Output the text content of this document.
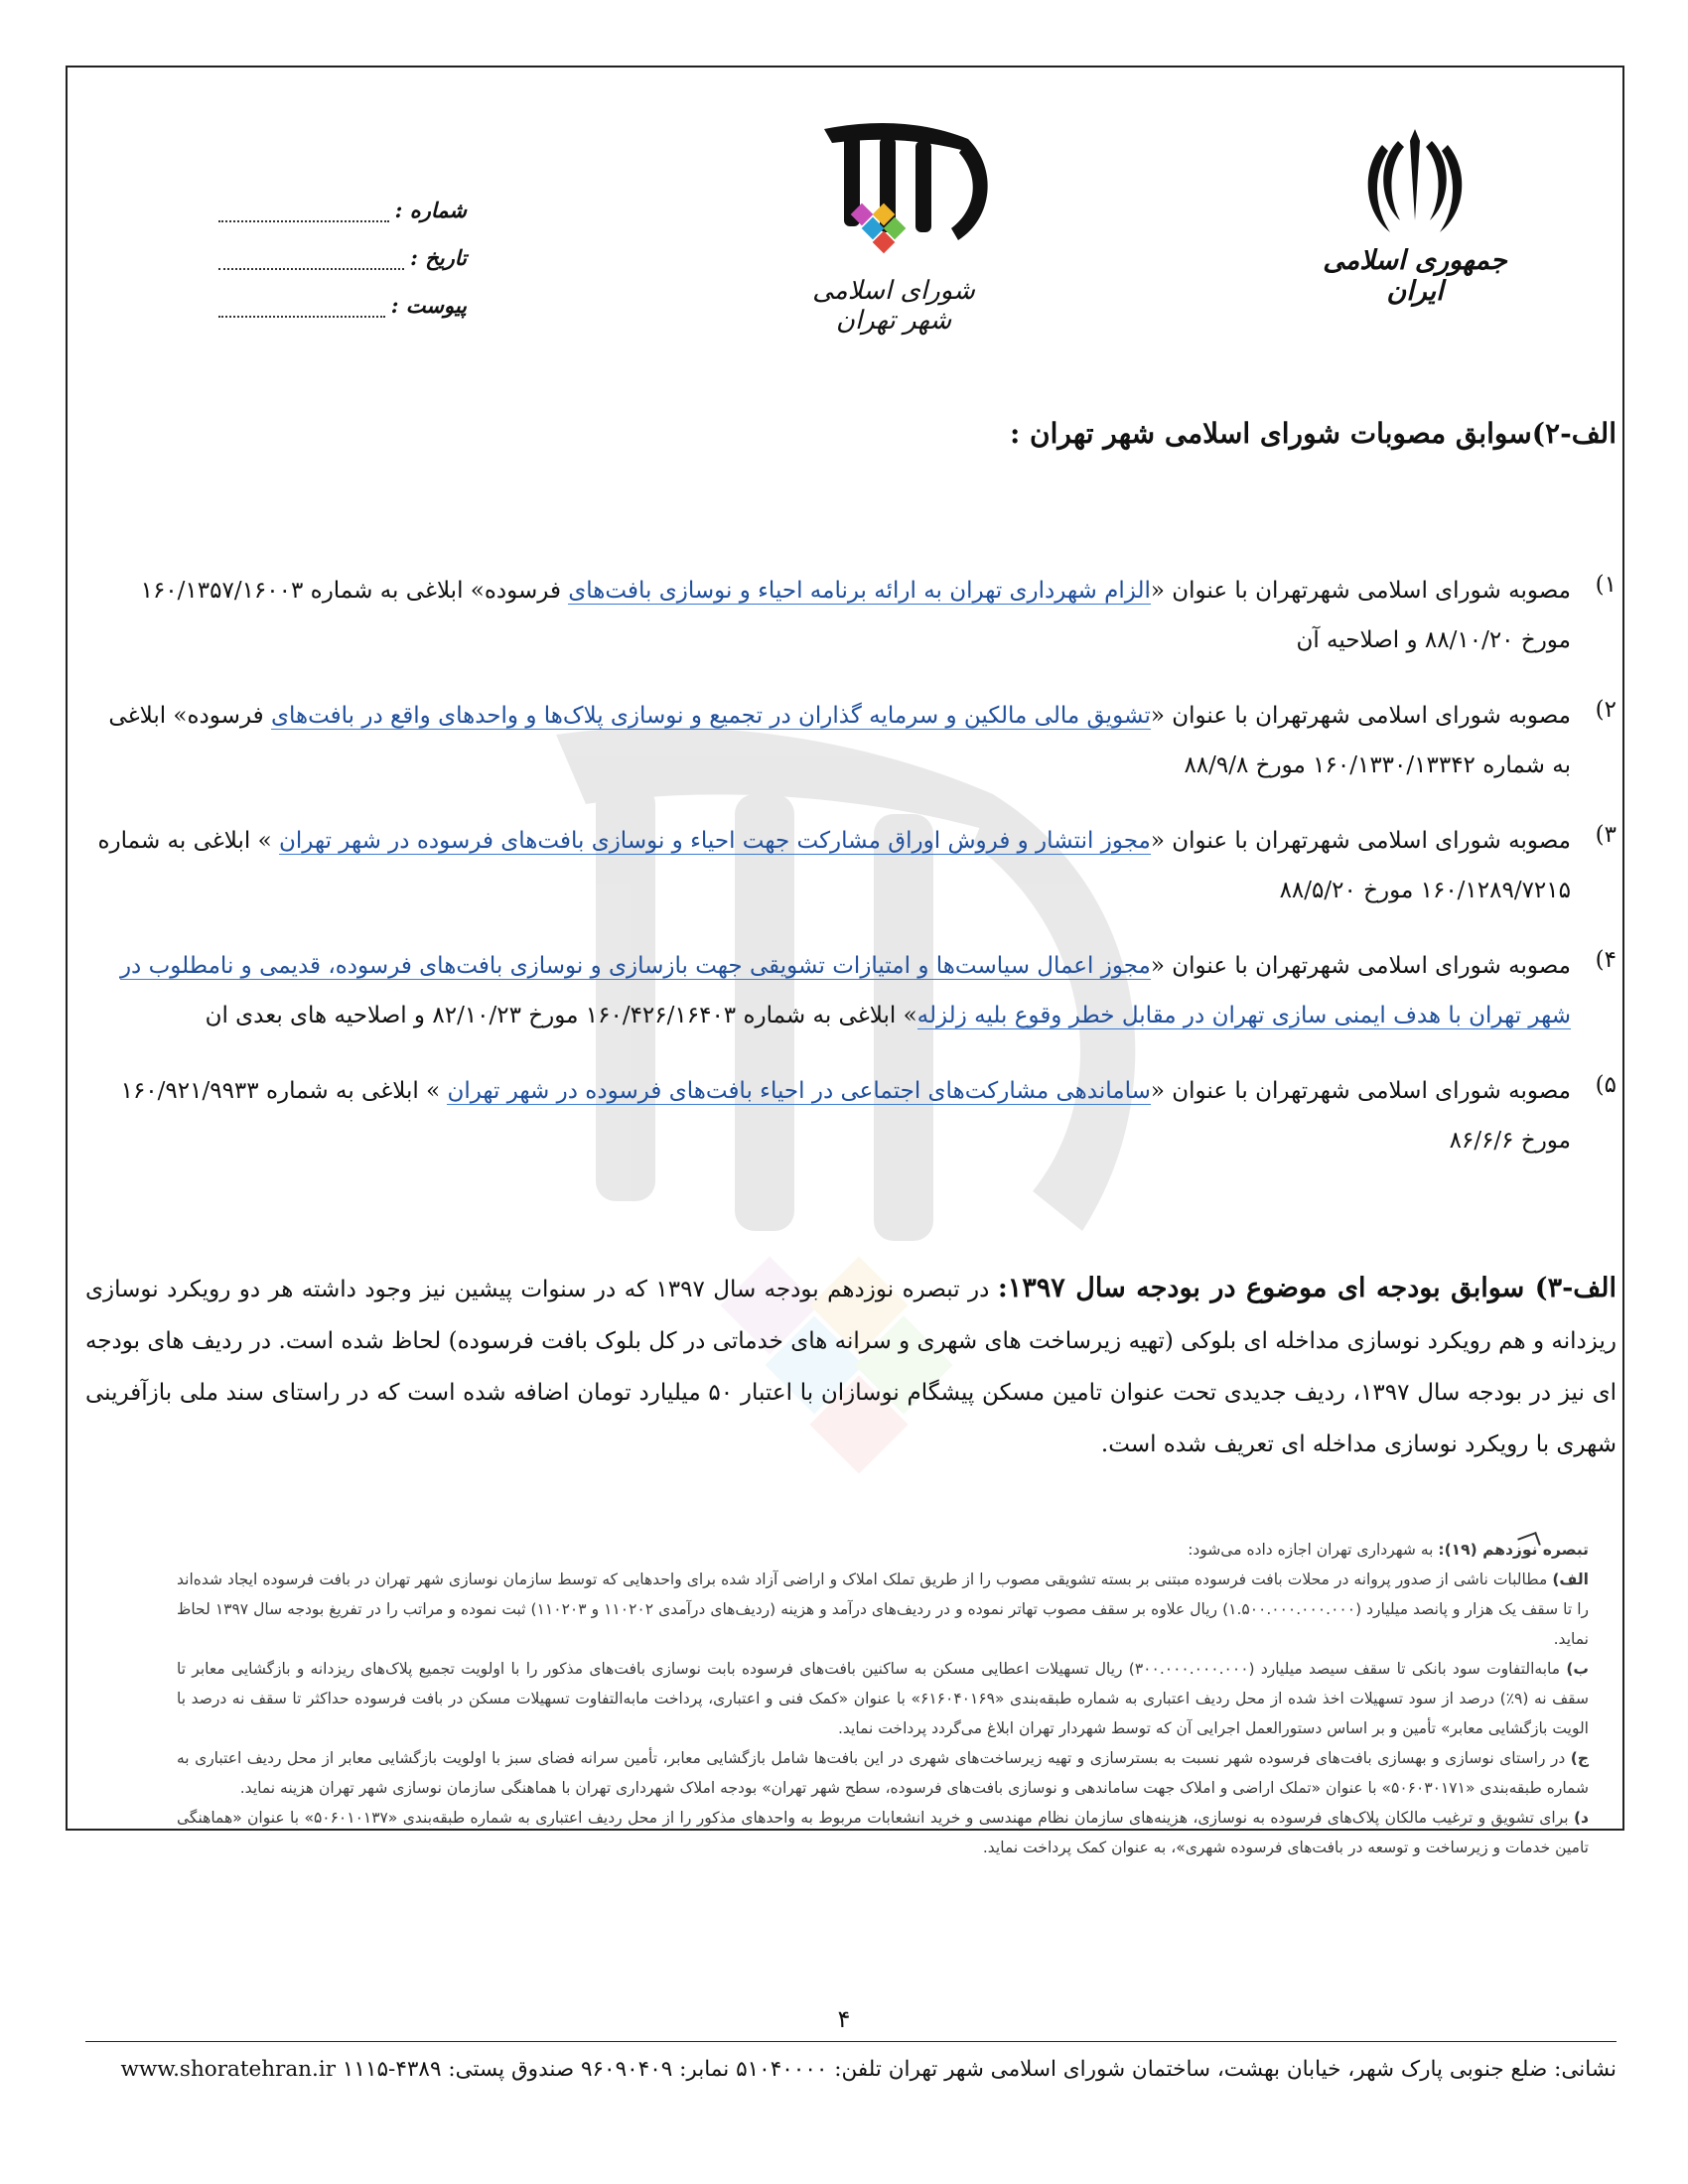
شماره :
تاریخ :
پیوست :	شورای اسلامی شهر تهران
جمهوری اسلامی ایران
الف-۲)سوابق مصوبات شورای اسلامی شهر تهران :
۱)
مصوبه شورای اسلامی شهرتهران با عنوان «الزام شهرداری تهران به ارائه برنامه احیاء و نوسازی بافت‌های فرسوده» ابلاغی به شماره ۱۶۰/۱۳۵۷/۱۶۰۰۳ مورخ ۸۸/۱۰/۲۰ و اصلاحیه آن
۲)
مصوبه شورای اسلامی شهرتهران با عنوان «تشویق مالی مالکین و سرمایه گذاران در تجمیع و نوسازی پلاک‌ها و واحدهای واقع در بافت‌های فرسوده» ابلاغی به شماره ۱۶۰/۱۳۳۰/۱۳۳۴۲ مورخ ۸۸/۹/۸
۳)
مصوبه شورای اسلامی شهرتهران با عنوان «مجوز انتشار و فروش اوراق مشارکت جهت احیاء و نوسازی بافت‌های فرسوده در شهر تهران » ابلاغی به شماره ۱۶۰/۱۲۸۹/۷۲۱۵ مورخ ۸۸/۵/۲۰
۴)
مصوبه شورای اسلامی شهرتهران با عنوان «مجوز اعمال سیاست‌ها و امتیازات تشویقی جهت بازسازی و نوسازی بافت‌های فرسوده، قدیمی و نامطلوب در شهر تهران با هدف ایمنی سازی تهران در مقابل خطر وقوع بلیه زلزله» ابلاغی به شماره ۱۶۰/۴۲۶/۱۶۴۰۳ مورخ ۸۲/۱۰/۲۳ و اصلاحیه های بعدی ان
۵)
مصوبه شورای اسلامی شهرتهران با عنوان «ساماندهی مشارکت‌های اجتماعی در احیاء بافت‌های فرسوده در شهر تهران » ابلاغی به شماره ۱۶۰/۹۲۱/۹۹۳۳ مورخ ۸۶/۶/۶
الف-۳) سوابق بودجه ای موضوع در بودجه سال ۱۳۹۷: در تبصره نوزدهم بودجه سال ۱۳۹۷ که در سنوات پیشین نیز وجود داشته هر دو رویکرد نوسازی ریزدانه و هم رویکرد نوسازی مداخله ای بلوکی (تهیه زیرساخت های شهری و سرانه های خدماتی در کل بلوک بافت فرسوده) لحاظ شده است. در ردیف های بودجه ای نیز در بودجه سال ۱۳۹۷، ردیف جدیدی تحت عنوان تامین مسکن پیشگام نوسازان با اعتبار ۵۰ میلیارد تومان اضافه شده است که در راستای سند ملی بازآفرینی شهری با رویکرد نوسازی مداخله ای تعریف شده است.

تبصره نوزدهم (۱۹): به شهرداری تهران اجازه داده می‌شود:

الف) مطالبات ناشی از صدور پروانه در محلات بافت فرسوده مبتنی بر بسته تشویقی مصوب را از طریق تملک املاک و اراضی آزاد شده برای واحدهایی که توسط سازمان نوسازی شهر تهران در بافت فرسوده ایجاد شده‌اند را تا سقف یک هزار و پانصد میلیارد (۱.۵۰۰.۰۰۰.۰۰۰.۰۰۰) ریال علاوه بر سقف مصوب تهاتر نموده و در ردیف‌های درآمد و هزینه (ردیف‌های درآمدی ۱۱۰۲۰۲ و ۱۱۰۲۰۳) ثبت نموده و مراتب را در تفریغ بودجه سال ۱۳۹۷ لحاظ نماید.

ب) مابه‌التفاوت سود بانکی تا سقف سیصد میلیارد (۳۰۰.۰۰۰.۰۰۰.۰۰۰) ریال تسهیلات اعطایی مسکن به ساکنین بافت‌های فرسوده بابت نوسازی بافت‌های مذکور را با اولویت تجمیع پلاک‌های ریزدانه و بازگشایی معابر تا سقف نه (۹٪) درصد از سود تسهیلات اخذ شده از محل ردیف اعتباری به شماره طبقه‌بندی «۶۱۶۰۴۰۱۶۹» با عنوان «کمک فنی و اعتباری، پرداخت مابه‌التفاوت تسهیلات مسکن در بافت فرسوده حداکثر تا سقف نه درصد با الویت بازگشایی معابر» تأمین و بر اساس دستورالعمل اجرایی آن که توسط شهردار تهران ابلاغ می‌گردد پرداخت نماید.

ج) در راستای نوسازی و بهسازی بافت‌های فرسوده شهر نسبت به بسترسازی و تهیه زیرساخت‌های شهری در این بافت‌ها شامل بازگشایی معابر، تأمین سرانه فضای سبز با اولویت بازگشایی معابر از محل ردیف اعتباری به شماره طبقه‌بندی «۵۰۶۰۳۰۱۷۱» با عنوان «تملک اراضی و املاک جهت ساماندهی و نوسازی بافت‌های فرسوده، سطح شهر تهران» بودجه املاک شهرداری تهران با هماهنگی سازمان نوسازی شهر تهران هزینه نماید.

د) برای تشویق و ترغیب مالکان پلاک‌های فرسوده به نوسازی، هزینه‌های سازمان نظام مهندسی و خرید انشعابات مربوط به واحدهای مذکور را از محل ردیف اعتباری به شماره طبقه‌بندی «۵۰۶۰۱۰۱۳۷» با عنوان «هماهنگی تامین خدمات و زیرساخت و توسعه در بافت‌های فرسوده شهری»، به عنوان کمک پرداخت نماید.

۴
نشانی: ضلع جنوبی پارک شهر، خیابان بهشت، ساختمان شورای اسلامی شهر تهران تلفن: ۵۱۰۴۰۰۰۰ نمابر: ۹۶۰۹۰۴۰۹ صندوق پستی: ۴۳۸۹-۱۱۱۵ www.shoratehran.ir
